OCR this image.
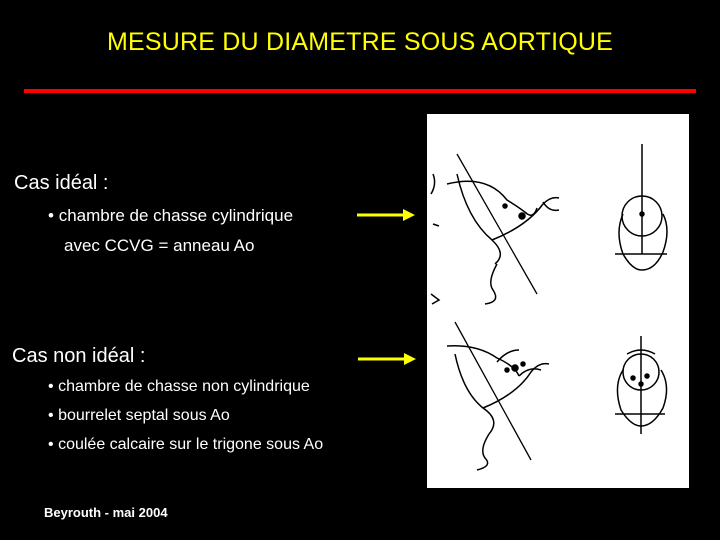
MESURE DU DIAMETRE SOUS AORTIQUE
Cas idéal :
• chambre de chasse cylindrique
avec CCVG = anneau Ao
Cas non idéal :
• chambre de chasse non cylindrique
• bourrelet septal sous Ao
• coulée calcaire sur le trigone sous Ao
Beyrouth - mai 2004
